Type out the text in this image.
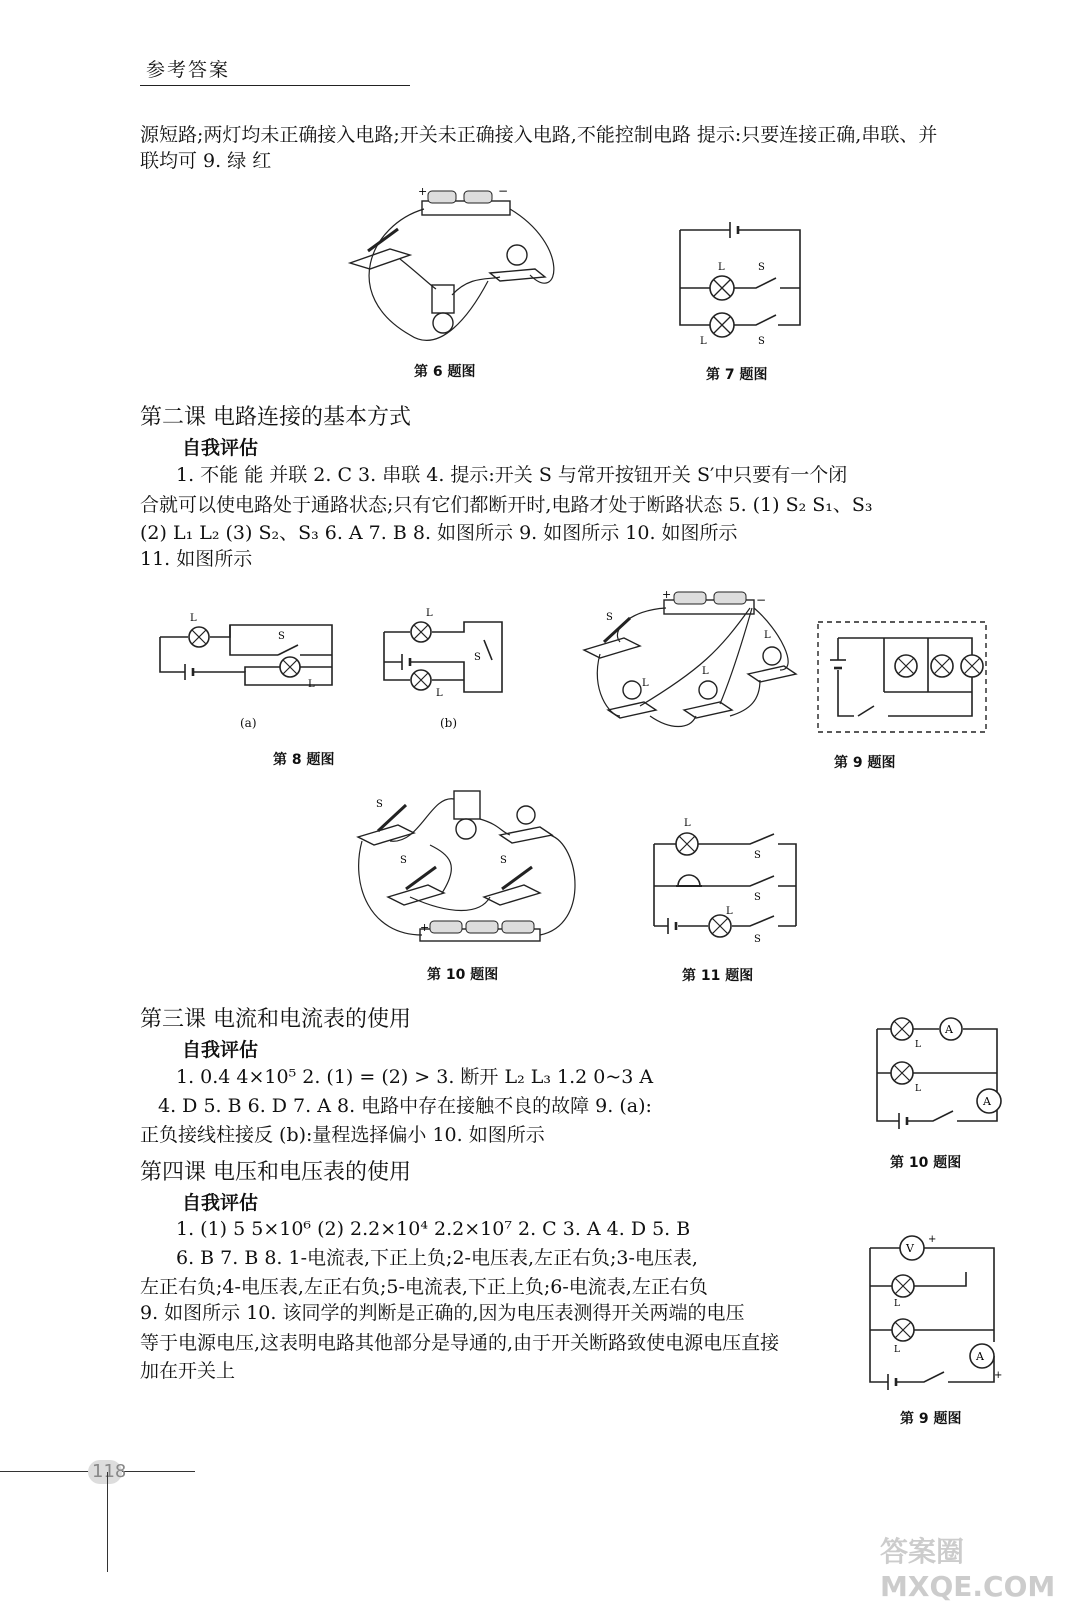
参考答案
源短路;两灯均未正确接入电路;开关未正确接入电路,不能控制电路 提示:只要连接正确,串联、并
联均可 9. 绿 红
+	−
第 6 题图
L	S
L	S
第 7 题图
第二课 电路连接的基本方式
自我评估
1. 不能 能 并联 2. C 3. 串联 4. 提示:开关 S 与常开按钮开关 S′中只要有一个闭
合就可以使电路处于通路状态;只有它们都断开时,电路才处于断路状态 5. (1) S₂ S₁、S₃
(2) L₁ L₂ (3) S₂、S₃ 6. A 7. B 8. 如图所示 9. 如图所示 10. 如图所示
11. 如图所示
L
S
L
(a)
L
S
L
(b)
第 8 题图
+	−
S
L
L
L
第 9 题图
S
S	S
+
第 10 题图
L
S
S
L
S
第 11 题图
第三课 电流和电流表的使用
自我评估
1. 0.4 4×10⁵ 2. (1) = (2) > 3. 断开 L₂ L₃ 1.2 0~3 A
4. D 5. B 6. D 7. A 8. 电路中存在接触不良的故障 9. (a):
正负接线柱接反 (b):量程选择偏小 10. 如图所示
A
A
L
L
第 10 题图
第四课 电压和电压表的使用
自我评估
1. (1) 5 5×10⁶ (2) 2.2×10⁴ 2.2×10⁷ 2. C 3. A 4. D 5. B
6. B 7. B 8. 1-电流表,下正上负;2-电压表,左正右负;3-电压表,
左正右负;4-电压表,左正右负;5-电流表,下正上负;6-电流表,左正右负
9. 如图所示 10. 该同学的判断是正确的,因为电压表测得开关两端的电压
等于电源电压,这表明电路其他部分是导通的,由于开关断路致使电源电压直接
加在开关上
V
+
A
+
L
L
第 9 题图
118
答案圈 MXQE.COM
